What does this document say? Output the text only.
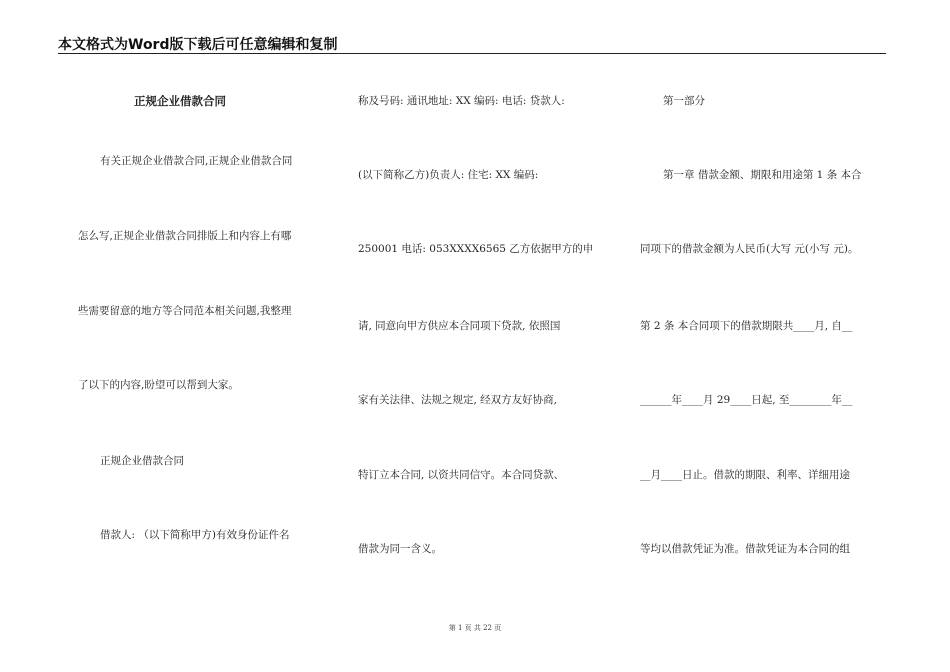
本文格式为Word版下载后可任意编辑和复制
正规企业借款合同
有关正规企业借款合同,正规企业借款合同
怎么写,正规企业借款合同排版上和内容上有哪
些需要留意的地方等合同范本相关问题,我整理
了以下的内容,盼望可以帮到大家。
正规企业借款合同
借款人: （以下简称甲方)有效身份证件名
称及号码: 通讯地址: XX 编码: 电话: 贷款人:
(以下简称乙方)负责人: 住宅: XX 编码:
250001 电话: 053XXXX6565 乙方依据甲方的申
请, 同意向甲方供应本合同项下贷款, 依照国
家有关法律、法规之规定, 经双方友好协商,
特订立本合同, 以资共同信守。本合同贷款、
借款为同一含义。
第一部分
第一章 借款金额、期限和用途第 1 条 本合
同项下的借款金额为人民币(大写 元(小写 元)。
第 2 条 本合同项下的借款期限共____月, 自__
______年____月 29____日起, 至________年__
__月____日止。借款的期限、利率、详细用途
等均以借款凭证为准。借款凭证为本合同的组
第 1 页 共 22 页
